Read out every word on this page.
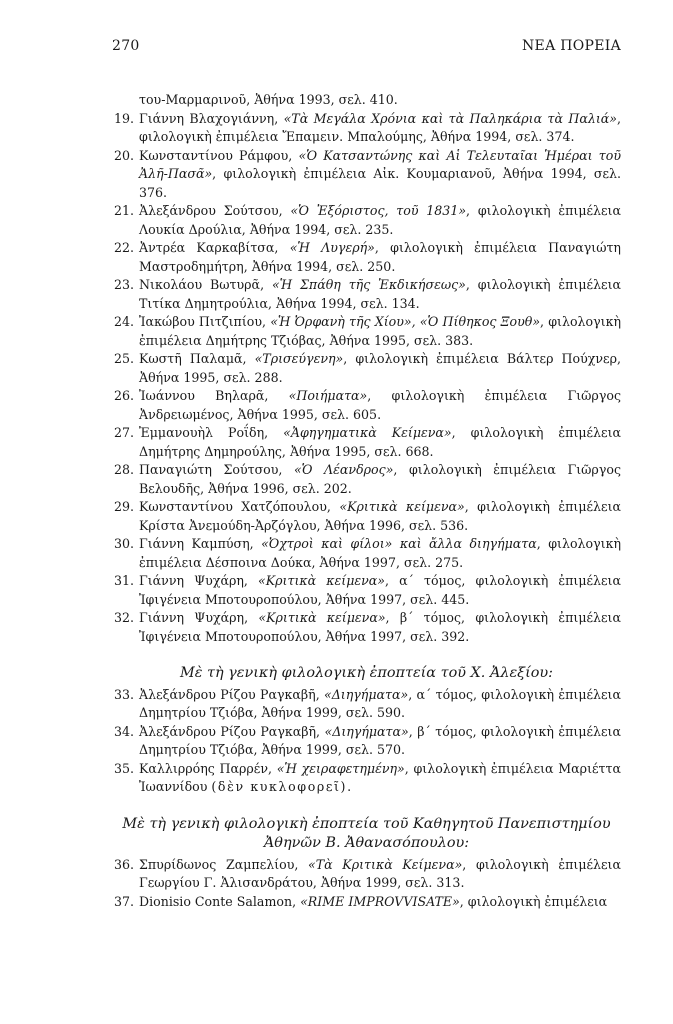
270	ΝΕΑ ΠΟΡΕΙΑ
του-Μαρμαρινοῦ, Ἀθήνα 1993, σελ. 410.
19. Γιάννη Βλαχογιάννη, «Τὰ Μεγάλα Χρόνια καὶ τὰ Παληκάρια τὰ Παλιά», φιλολογικὴ ἐπιμέλεια Ἔπαμειν. Μπαλούμης, Ἀθήνα 1994, σελ. 374.
20. Κωνσταντίνου Ράμφου, «Ὁ Κατσαντώνης καὶ Αἱ Τελευταῖαι Ἡμέραι τοῦ Ἀλῆ-Πασᾶ», φιλολογικὴ ἐπιμέλεια Αἰκ. Κουμαριανοῦ, Ἀθήνα 1994, σελ. 376.
21. Ἀλεξάνδρου Σούτσου, «Ὁ Ἐξόριστος, τοῦ 1831», φιλολογικὴ ἐπιμέλεια Λουκία Δρούλια, Ἀθήνα 1994, σελ. 235.
22. Ἀντρέα Καρκαβίτσα, «Ἡ Λυγερή», φιλολογικὴ ἐπιμέλεια Παναγιώτη Μαστροδημήτρη, Ἀθήνα 1994, σελ. 250.
23. Νικολάου Βωτυρᾶ, «Ἡ Σπάθη τῆς Ἐκδικήσεως», φιλολογικὴ ἐπιμέλεια Τιτίκα Δημητρούλια, Ἀθήνα 1994, σελ. 134.
24. Ἰακώβου Πιτζιπίου, «Ἡ Ὀρφανὴ τῆς Χίου», «Ὁ Πίθηκος Ξουθ», φιλολογικὴ ἐπιμέλεια Δημήτρης Τζιόβας, Ἀθήνα 1995, σελ. 383.
25. Κωστῆ Παλαμᾶ, «Τρισεύγενη», φιλολογικὴ ἐπιμέλεια Βάλτερ Πούχνερ, Ἀθήνα 1995, σελ. 288.
26. Ἰωάννου Βηλαρᾶ, «Ποιήματα», φιλολογικὴ ἐπιμέλεια Γιῶργος Ἀνδρειωμένος, Ἀθήνα 1995, σελ. 605.
27. Ἐμμανουὴλ Ροΐδη, «Ἀφηγηματικὰ Κείμενα», φιλολογικὴ ἐπιμέλεια Δημήτρης Δημηρούλης, Ἀθήνα 1995, σελ. 668.
28. Παναγιώτη Σούτσου, «Ὁ Λέανδρος», φιλολογικὴ ἐπιμέλεια Γιῶργος Βελουδῆς, Ἀθήνα 1996, σελ. 202.
29. Κωνσταντίνου Χατζόπουλου, «Κριτικὰ κείμενα», φιλολογικὴ ἐπιμέλεια Κρίστα Ἀνεμούδη-Ἀρζόγλου, Ἀθήνα 1996, σελ. 536.
30. Γιάννη Καμπύση, «Ὀχτροὶ καὶ φίλοι» καὶ ἄλλα διηγήματα, φιλολογικὴ ἐπιμέλεια Δέσποινα Δούκα, Ἀθήνα 1997, σελ. 275.
31. Γιάννη Ψυχάρη, «Κριτικὰ κείμενα», α΄ τόμος, φιλολογικὴ ἐπιμέλεια Ἰφιγένεια Μποτουροπούλου, Ἀθήνα 1997, σελ. 445.
32. Γιάννη Ψυχάρη, «Κριτικὰ κείμενα», β΄ τόμος, φιλολογικὴ ἐπιμέλεια Ἰφιγένεια Μποτουροπούλου, Ἀθήνα 1997, σελ. 392.
Μὲ τὴ γενικὴ φιλολογικὴ ἐποπτεία τοῦ Χ. Ἀλεξίου:
33. Ἀλεξάνδρου Ρίζου Ραγκαβῆ, «Διηγήματα», α΄ τόμος, φιλολογικὴ ἐπιμέλεια Δημητρίου Τζιόβα, Ἀθήνα 1999, σελ. 590.
34. Ἀλεξάνδρου Ρίζου Ραγκαβῆ, «Διηγήματα», β΄ τόμος, φιλολογικὴ ἐπιμέλεια Δημητρίου Τζιόβα, Ἀθήνα 1999, σελ. 570.
35. Καλλιρρόης Παρρέν, «Ἡ χειραφετημένη», φιλολογικὴ ἐπιμέλεια Μαριέττα Ἰωαννίδου (δὲν κυκλοφορεῖ).
Μὲ τὴ γενικὴ φιλολογικὴ ἐποπτεία τοῦ Καθηγητοῦ Πανεπιστημίου
Ἀθηνῶν Β. Ἀθανασόπουλου:
36. Σπυρίδωνος Ζαμπελίου, «Τὰ Κριτικὰ Κείμενα», φιλολογικὴ ἐπιμέλεια Γεωργίου Γ. Ἀλισανδράτου, Ἀθήνα 1999, σελ. 313.
37. Dionisio Conte Salamon, «RIME IMPROVVISATE», φιλολογικὴ ἐπιμέλεια
